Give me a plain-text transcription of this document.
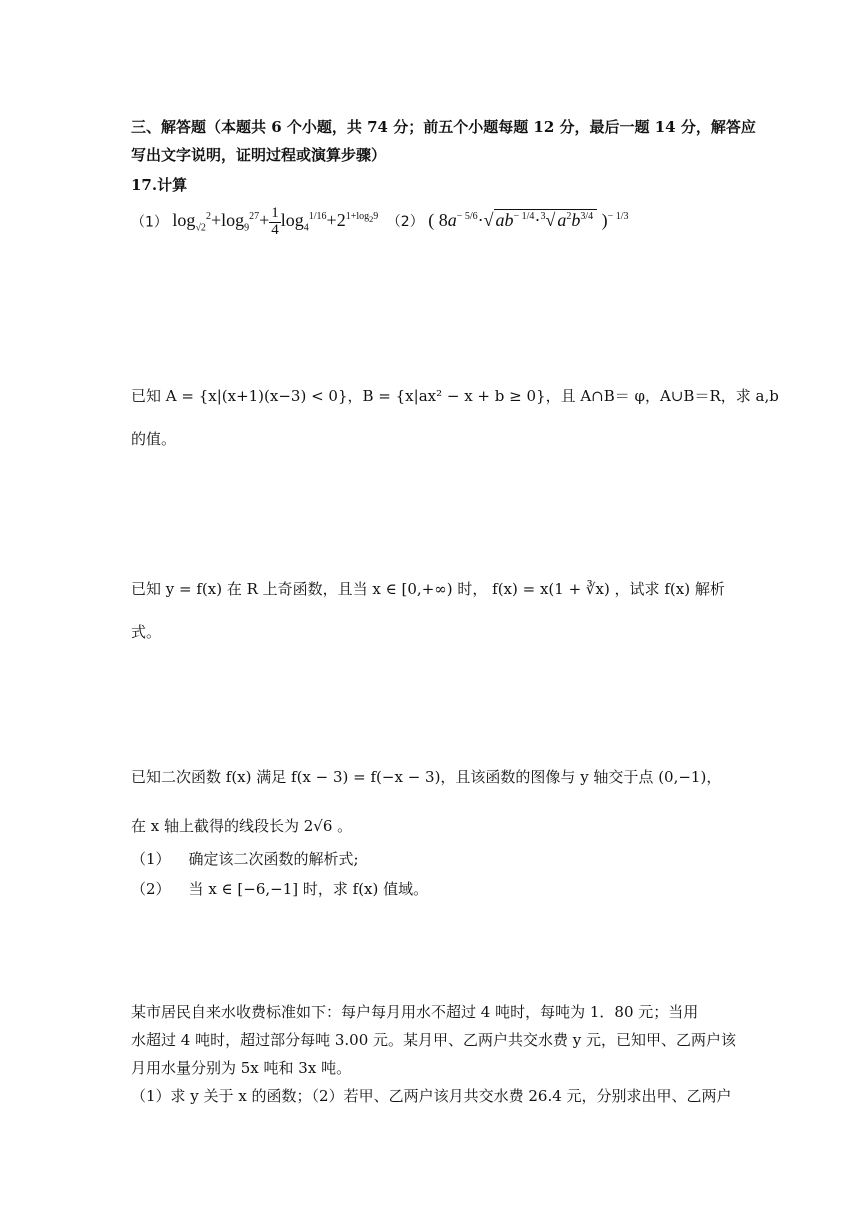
三、解答题（本题共 6 个小题，共 74 分；前五个小题每题 12 分，最后一题 14 分，解答应
写出文字说明，证明过程或演算步骤）
17.计算
（1） $\log_{√2}^2+\log_9^{27}+ \frac{1}{4} \log_4^{1/16}+2^{1+log_29}$ （2） ( $8a^{- 5/6}\cdot√$ $ab^{- 1/4}\cdot^3√$ $a^2b^{3/4}$ )$^{- 1/3}$
已知 A = {x|(x+1)(x−3) < 0}，B = {x|ax² − x + b ≥ 0}，且 A∩B＝ φ，A∪B＝R，求 a,b
的值。
已知 y = f(x) 在 R 上奇函数，且当 x ∈ [0,+∞) 时， f(x) = x(1 + ∛x) ，试求 f(x) 解析
式。
已知二次函数 f(x) 满足 f(x − 3) = f(−x − 3)，且该函数的图像与 y 轴交于点 (0,−1)，
在 x 轴上截得的线段长为 2√6 。
（1） 确定该二次函数的解析式;
（2） 当 x ∈ [−6,−1] 时，求 f(x) 值域。
某市居民自来水收费标准如下：每户每月用水不超过 4 吨时，每吨为 1．80 元；当用
水超过 4 吨时，超过部分每吨 3.00 元。某月甲、乙两户共交水费 y 元，已知甲、乙两户该
月用水量分别为 5x 吨和 3x 吨。
（1）求 y 关于 x 的函数；（2）若甲、乙两户该月共交水费 26.4 元，分别求出甲、乙两户
